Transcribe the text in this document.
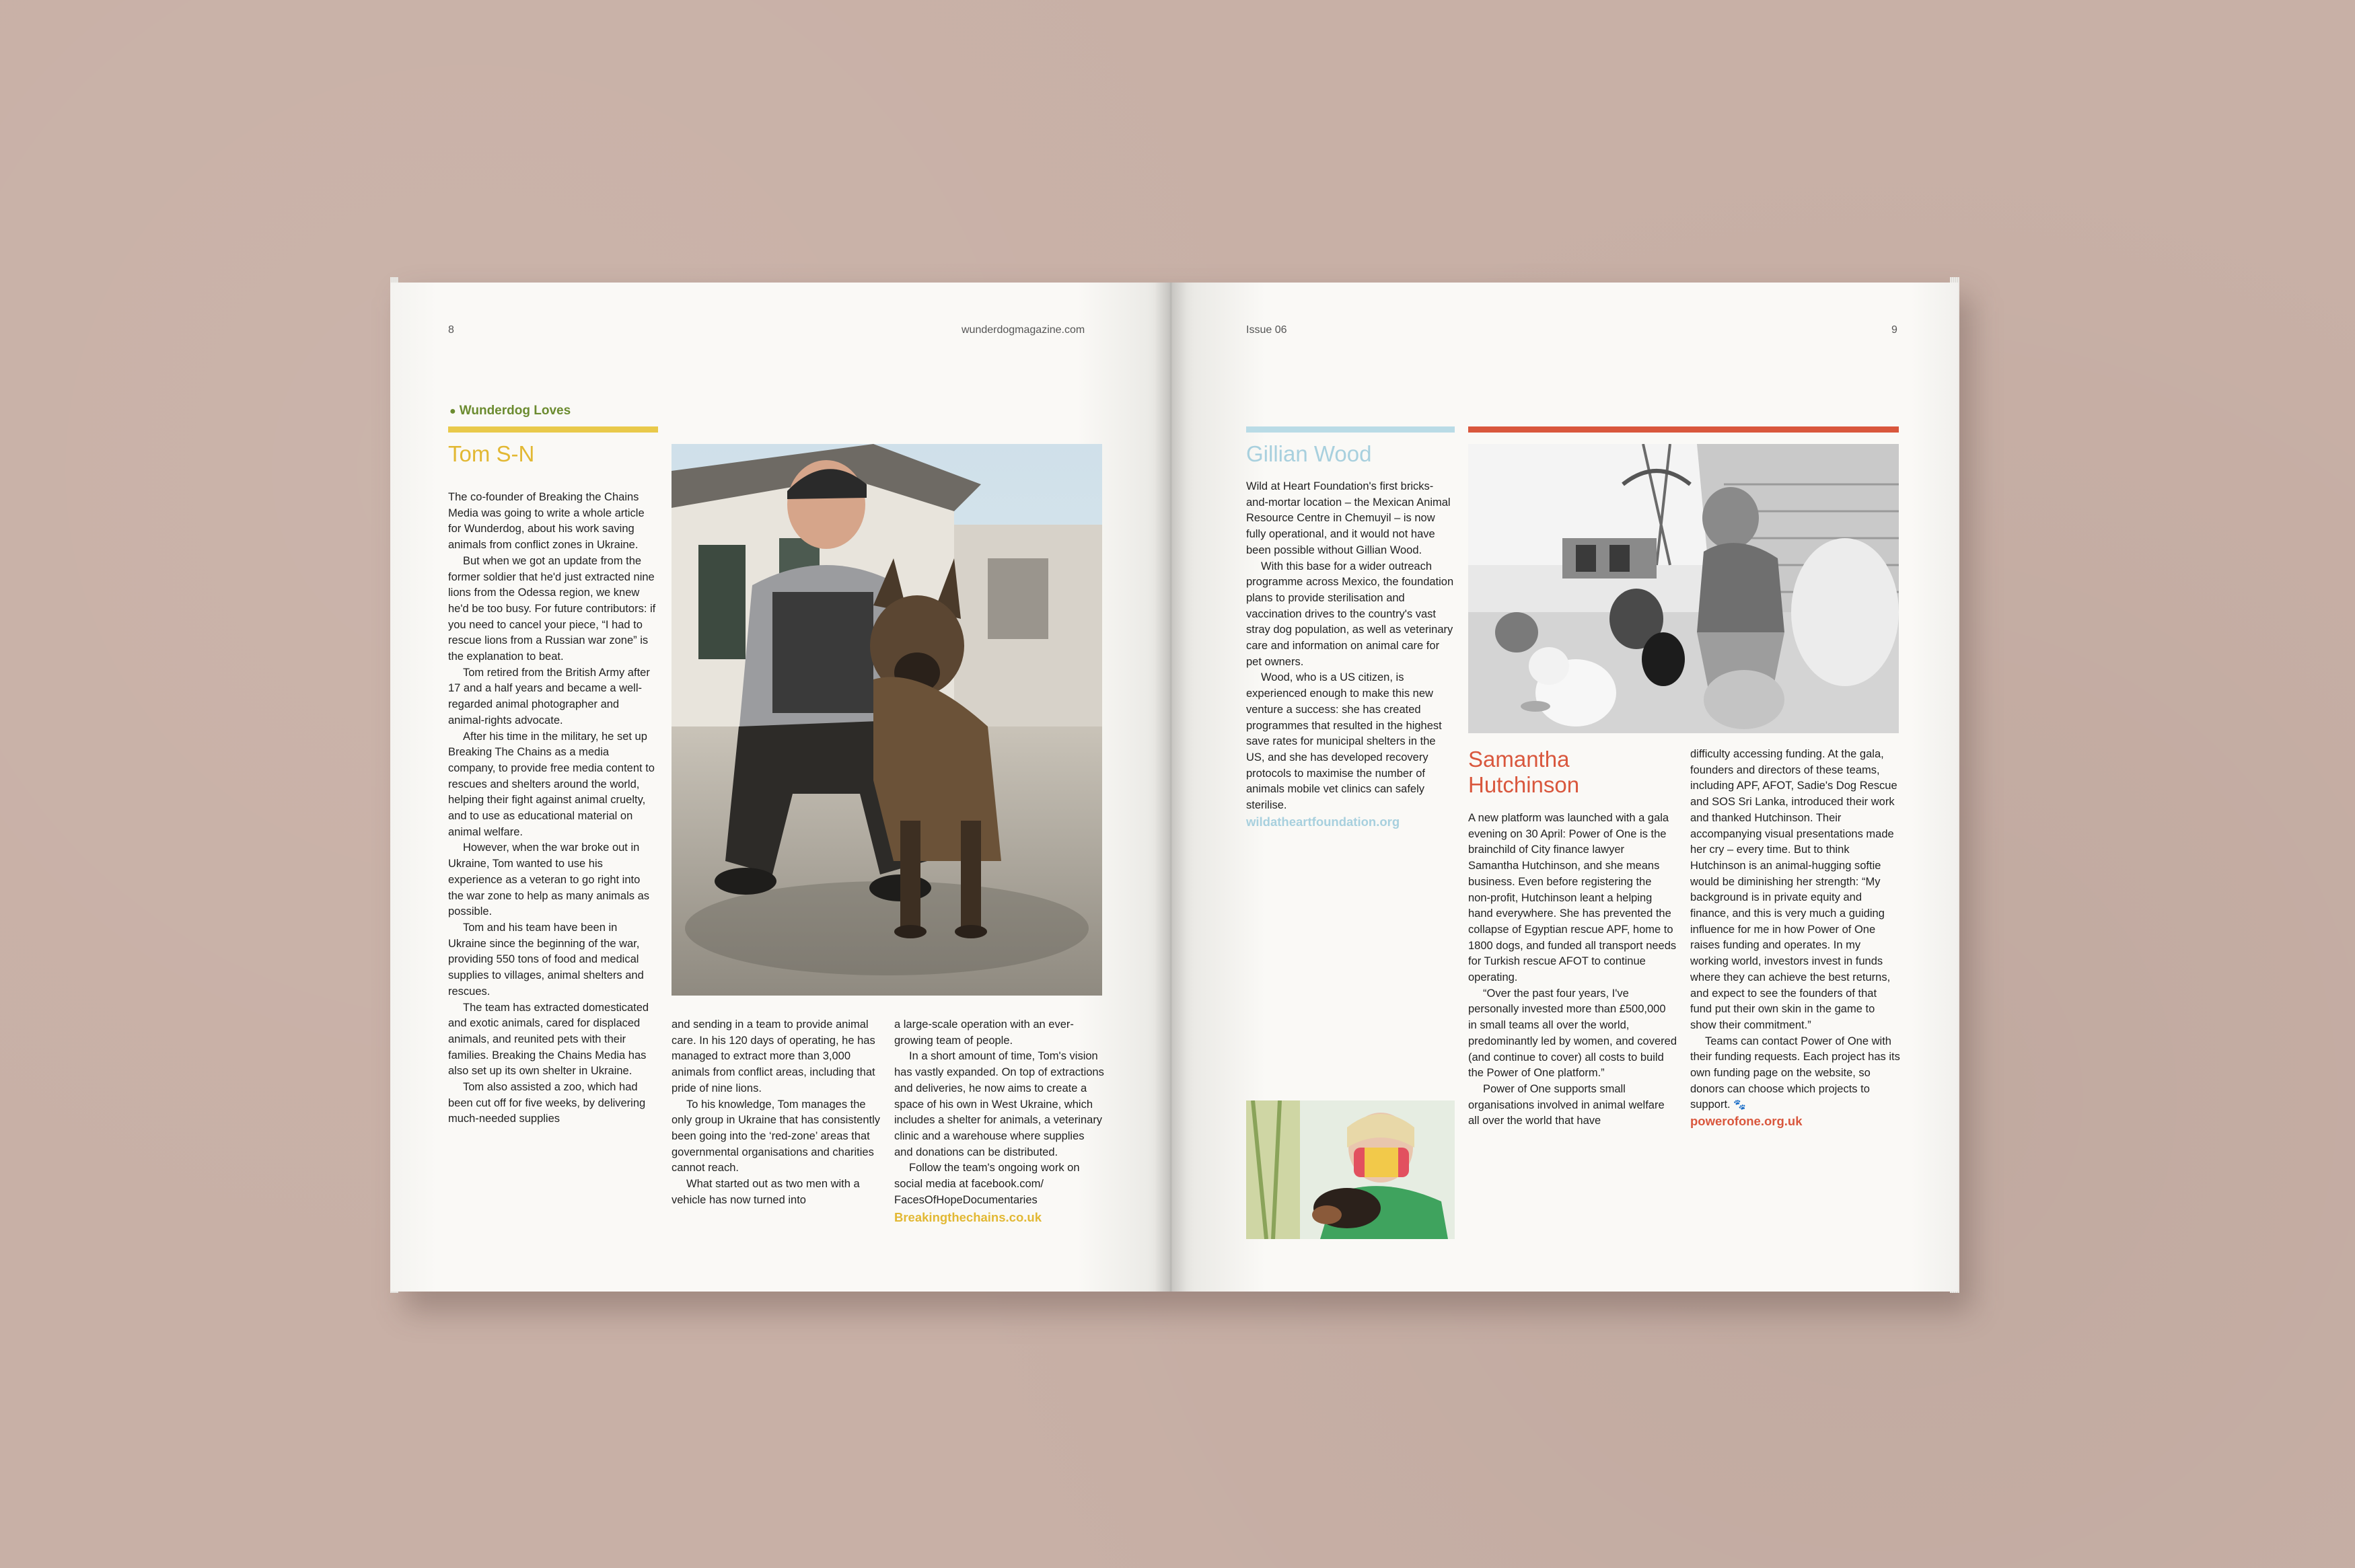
8	wunderdogmagazine.com
● Wunderdog Loves
Tom S-N

The co-founder of Breaking the Chains Media was going to write a whole article for Wunderdog, about his work saving animals from conflict zones in Ukraine.

But when we got an update from the former soldier that he'd just extracted nine lions from the Odessa region, we knew he'd be too busy. For future contributors: if you need to cancel your piece, “I had to rescue lions from a Russian war zone” is the explanation to beat.

Tom retired from the British Army after 17 and a half years and became a well-regarded animal photographer and animal-rights advocate.

After his time in the military, he set up Breaking The Chains as a media company, to provide free media content to rescues and shelters around the world, helping their fight against animal cruelty, and to use as educational material on animal welfare.

However, when the war broke out in Ukraine, Tom wanted to use his experience as a veteran to go right into the war zone to help as many animals as possible.

Tom and his team have been in Ukraine since the beginning of the war, providing 550 tons of food and medical supplies to villages, animal shelters and rescues.

The team has extracted domesticated and exotic animals, cared for displaced animals, and reunited pets with their families. Breaking the Chains Media has also set up its own shelter in Ukraine.

Tom also assisted a zoo, which had been cut off for five weeks, by delivering much-needed supplies

and sending in a team to provide animal care. In his 120 days of operating, he has managed to extract more than 3,000 animals from conflict areas, including that pride of nine lions.

To his knowledge, Tom manages the only group in Ukraine that has consistently been going into the ‘red-zone’ areas that governmental organisations and charities cannot reach.

What started out as two men with a vehicle has now turned into

a large-scale operation with an ever-growing team of people.

In a short amount of time, Tom's vision has vastly expanded. On top of extractions and deliveries, he now aims to create a space of his own in West Ukraine, which includes a shelter for animals, a veterinary clinic and a warehouse where supplies and donations can be distributed.

Follow the team's ongoing work on social media at facebook.com/ FacesOfHopeDocumentaries

Breakingthechains.co.uk
Issue 06	9
Gillian Wood

Wild at Heart Foundation's first bricks-and-mortar location – the Mexican Animal Resource Centre in Chemuyil – is now fully operational, and it would not have been possible without Gillian Wood.

With this base for a wider outreach programme across Mexico, the foundation plans to provide sterilisation and vaccination drives to the country's vast stray dog population, as well as veterinary care and information on animal care for pet owners.

Wood, who is a US citizen, is experienced enough to make this new venture a success: she has created programmes that resulted in the highest save rates for municipal shelters in the US, and she has developed recovery protocols to maximise the number of animals mobile vet clinics can safely sterilise.

wildatheartfoundation.org
Samantha Hutchinson

A new platform was launched with a gala evening on 30 April: Power of One is the brainchild of City finance lawyer Samantha Hutchinson, and she means business. Even before registering the non-profit, Hutchinson leant a helping hand everywhere. She has prevented the collapse of Egyptian rescue APF, home to 1800 dogs, and funded all transport needs for Turkish rescue AFOT to continue operating.

“Over the past four years, I've personally invested more than £500,000 in small teams all over the world, predominantly led by women, and covered (and continue to cover) all costs to build the Power of One platform.”

Power of One supports small organisations involved in animal welfare all over the world that have

difficulty accessing funding. At the gala, founders and directors of these teams, including APF, AFOT, Sadie's Dog Rescue and SOS Sri Lanka, introduced their work and thanked Hutchinson. Their accompanying visual presentations made her cry – every time. But to think Hutchinson is an animal-hugging softie would be diminishing her strength: “My background is in private equity and finance, and this is very much a guiding influence for me in how Power of One raises funding and operates. In my working world, investors invest in funds where they can achieve the best returns, and expect to see the founders of that fund put their own skin in the game to show their commitment.”

Teams can contact Power of One with their funding requests. Each project has its own funding page on the website, so donors can choose which projects to support. 🐾

powerofone.org.uk
